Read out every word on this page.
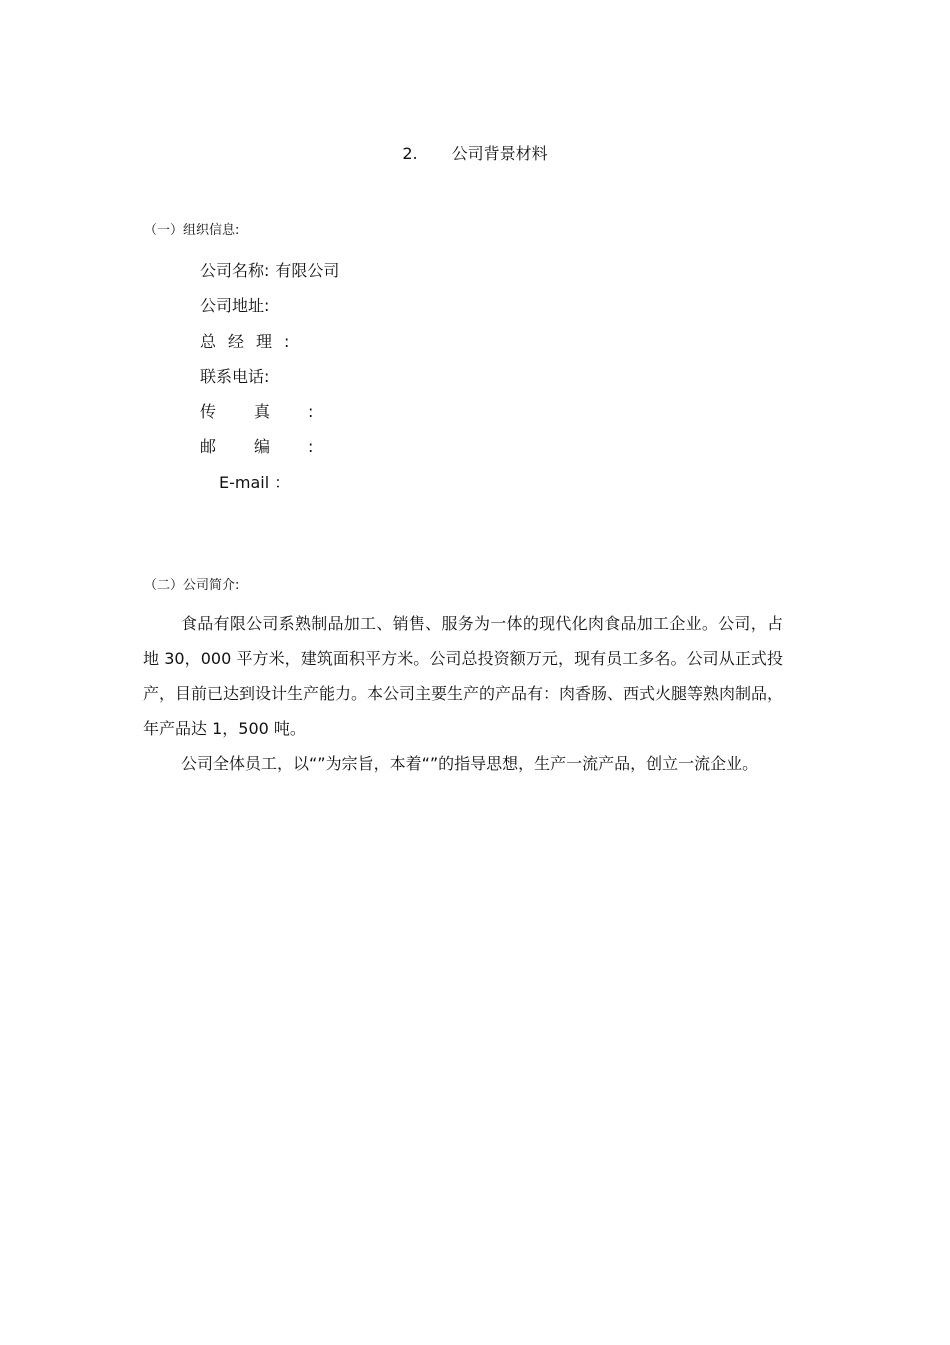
2. 公司背景材料
（一）组织信息:
公司名称: 有限公司
公司地址:
总经理:
联系电话:
传真:
邮编:
E-mail ：
（二）公司简介:

食品有限公司系熟制品加工、销售、服务为一体的现代化肉食品加工企业。公司，占地 30，000 平方米，建筑面积平方米。公司总投资额万元，现有员工多名。公司从正式投产，目前已达到设计生产能力。本公司主要生产的产品有：肉香肠、西式火腿等熟肉制品，年产品达 1，500 吨。

公司全体员工，以“”为宗旨，本着“”的指导思想，生产一流产品，创立一流企业。
